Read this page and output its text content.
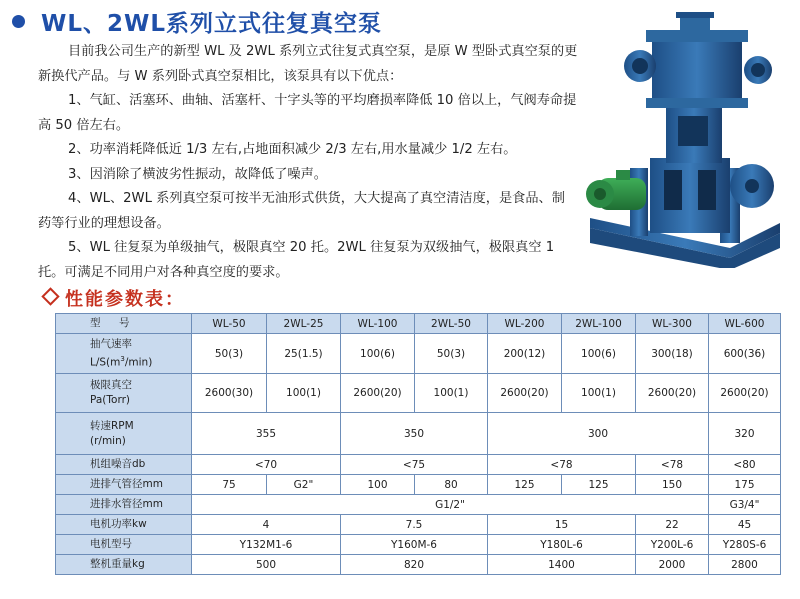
WL、2WL系列立式往复真空泵

目前我公司生产的新型 WL 及 2WL 系列立式往复式真空泵，是原 W 型卧式真空泵的更新换代产品。与 W 系列卧式真空泵相比，该泵具有以下优点：

1、气缸、活塞环、曲轴、活塞杆、十字头等的平均磨损率降低 10 倍以上，气阀寿命提高 50 倍左右。

2、功率消耗降低近 1/3 左右,占地面积减少 2/3 左右,用水量减少 1/2 左右。

3、因消除了横波劣性振动，故降低了噪声。

4、WL、2WL 系列真空泵可按半无油形式供货，大大提高了真空清洁度，是食品、制药等行业的理想设备。

5、WL 往复泵为单级抽气，极限真空 20 托。2WL 往复泵为双级抽气，极限真空 1 托。可满足不同用户对各种真空度的要求。

性能参数表：
型　号	WL-50	2WL-25	WL-100	2WL-50	WL-200	2WL-100	WL-300	WL-600
抽气速率
$L/S(m^3/\min)$	50(3)	25(1.5)	100(6)	50(3)	200(12)	100(6)	300(18)	600(36)
极限真空
Pa(Torr)	2600(30)	100(1)	2600(20)	100(1)	2600(20)	100(1)	2600(20)	2600(20)
转速RPM
(r/min)	355		350		300			320
机组噪音db	<70		<75		<78		<78	<80
进排气管径mm	75	G2"	100	80	125	125	150	175
进排水管径mm	G1/2"							G3/4"
电机功率kw	4		7.5		15		22	45
电机型号	Y132M1-6		Y160M-6		Y180L-6		Y200L-6	Y280S-6
整机重量kg	500		820		1400		2000	2800
